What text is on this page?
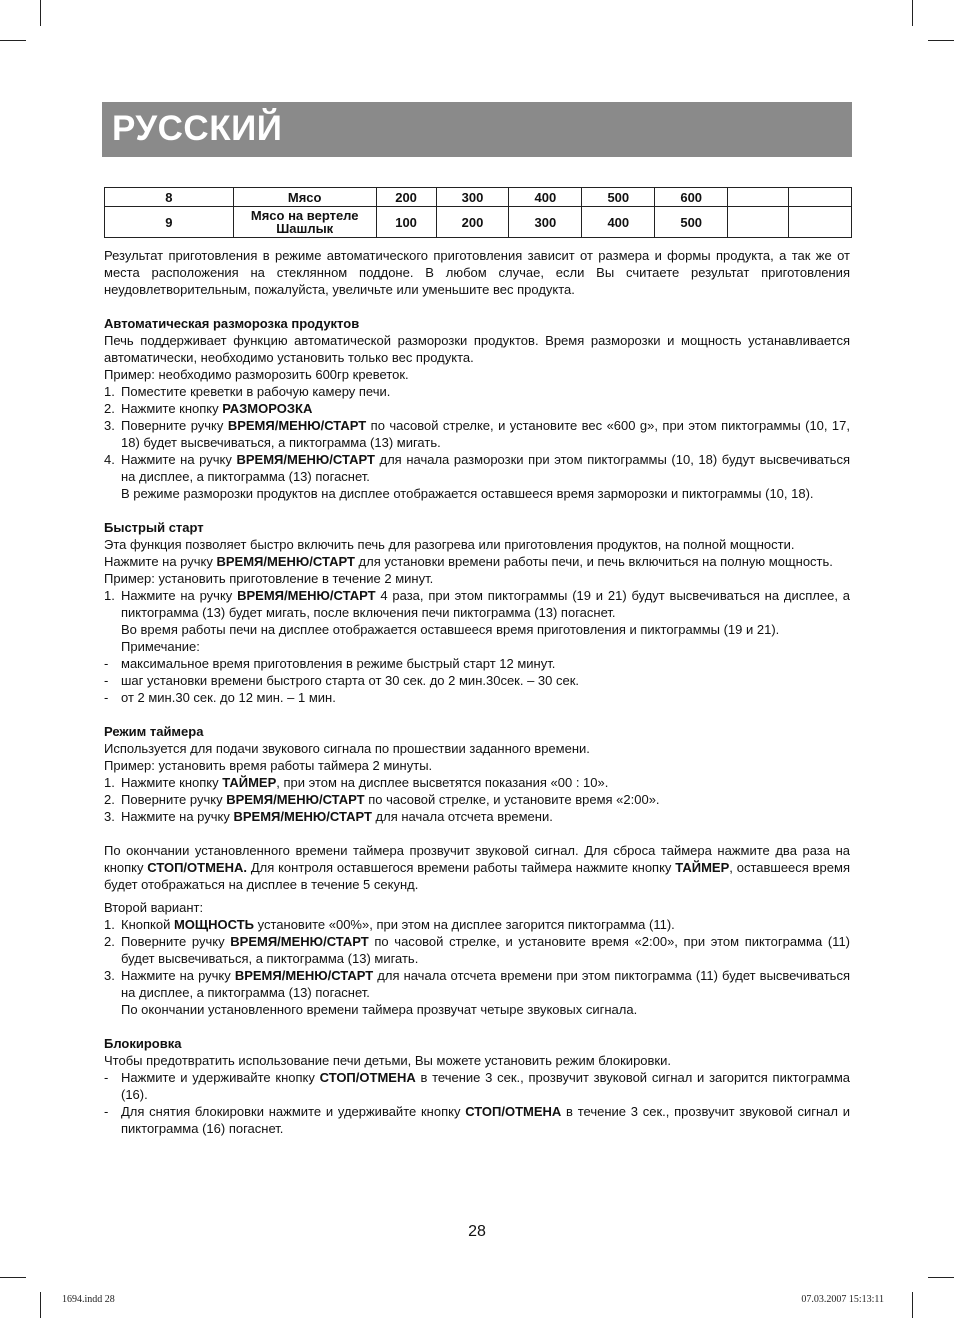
РУССКИЙ
8	Мясо	200	300	400	500	600		
9	Мясо на вертеле Шашлык	100	200	300	400	500		

Результат приготовления в режиме автоматического приготовления зависит от размера и формы продукта, а так же от места расположения на стеклянном поддоне. В любом случае, если Вы считаете результат приготовления неудовлетворительным, пожалуйста, увеличьте или уменьшите вес продукта.

Автоматическая разморозка продуктов

Печь поддерживает функцию автоматической разморозки продуктов. Время разморозки и мощность устанавливается автоматически, необходимо установить только вес продукта.

Пример: необходимо разморозить 600гр креветок.

1. Поместите креветки в рабочую камеру печи.
2. Нажмите кнопку РАЗМОРОЗКА
3. Поверните ручку ВРЕМЯ/МЕНЮ/СТАРТ по часовой стрелке, и установите вес «600 g», при этом пиктограммы (10, 17, 18) будет высвечиваться, а пиктограмма (13) мигать.
4. Нажмите на ручку ВРЕМЯ/МЕНЮ/СТАРТ для начала разморозки при этом пиктограммы (10, 18) будут высвечиваться на дисплее, а пиктограмма (13) погаснет.

В режиме разморозки продуктов на дисплее отображается оставшееся время зарморозки и пиктограммы (10, 18).

Быстрый старт

Эта функция позволяет быстро включить печь для разогрева или приготовления продуктов, на полной мощности.

Нажмите на ручку ВРЕМЯ/МЕНЮ/СТАРТ для установки времени работы печи, и печь включиться на полную мощность.

Пример: установить приготовление в течение 2 минут.

1. Нажмите на ручку ВРЕМЯ/МЕНЮ/СТАРТ 4 раза, при этом пиктограммы (19 и 21) будут высвечиваться на дисплее, а пиктограмма (13) будет мигать, после включения печи пиктограмма (13) погаснет.

Во время работы печи на дисплее отображается оставшееся время приготовления и пиктограммы (19 и 21).

Примечание:

- максимальное время приготовления в режиме быстрый старт 12 минут.
- шаг установки времени быстрого старта от 30 сек. до 2 мин.30сек. – 30 сек.
- от 2 мин.30 сек. до 12 мин. – 1 мин.

Режим таймера

Используется для подачи звукового сигнала по прошествии заданного времени.

Пример: установить время работы таймера 2 минуты.

1. Нажмите кнопку ТАЙМЕР, при этом на дисплее высветятся показания «00 : 10».
2. Поверните ручку ВРЕМЯ/МЕНЮ/СТАРТ по часовой стрелке, и установите время «2:00».
3. Нажмите на ручку ВРЕМЯ/МЕНЮ/СТАРТ для начала отсчета времени.

По окончании установленного времени таймера прозвучит звуковой сигнал. Для сброса таймера нажмите два раза на кнопку СТОП/ОТМЕНА. Для контроля оставшегося времени работы таймера нажмите кнопку ТАЙМЕР, оставшееся время будет отображаться на дисплее в течение 5 секунд.

Второй вариант:

1. Кнопкой МОЩНОСТЬ установите «00%», при этом на дисплее загорится пиктограмма (11).
2. Поверните ручку ВРЕМЯ/МЕНЮ/СТАРТ по часовой стрелке, и установите время «2:00», при этом пиктограмма (11) будет высвечиваться, а пиктограмма (13) мигать.
3. Нажмите на ручку ВРЕМЯ/МЕНЮ/СТАРТ для начала отсчета времени при этом пиктограмма (11) будет высвечиваться на дисплее, а пиктограмма (13) погаснет.

По окончании установленного времени таймера прозвучат четыре звуковых сигнала.

Блокировка

Чтобы предотвратить использование печи детьми, Вы можете установить режим блокировки.

- Нажмите и удерживайте кнопку СТОП/ОТМЕНА в течение 3 сек., прозвучит звуковой сигнал и загорится пиктограмма (16).
- Для снятия блокировки нажмите и удерживайте кнопку СТОП/ОТМЕНА в течение 3 сек., прозвучит звуковой сигнал и пиктограмма (16) погаснет.
28
1694.indd 28	07.03.2007 15:13:11
